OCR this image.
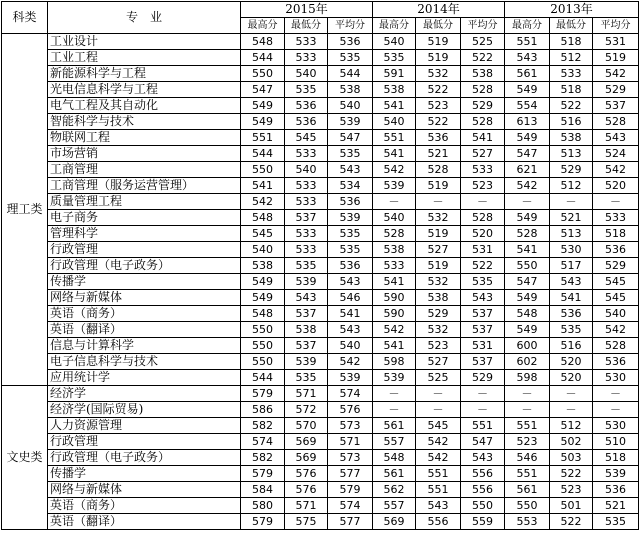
科类	专　业	2015年			2014年			2013年		
		最高分	最低分	平均分	最高分	最低分	平均分	最高分	最低分	平均分
理工类	工业设计	548	533	536	540	519	525	551	518	531
	工业工程	544	533	535	535	519	522	543	512	519
	新能源科学与工程	550	540	544	591	532	538	561	533	542
	光电信息科学与工程	547	535	538	538	522	528	549	518	529
	电气工程及其自动化	549	536	540	541	523	529	554	522	537
	智能科学与技术	549	536	539	540	522	528	613	516	528
	物联网工程	551	545	547	551	536	541	549	538	543
	市场营销	544	533	535	541	521	527	547	513	524
	工商管理	550	540	543	542	528	533	621	529	542
	工商管理（服务运营管理）	541	533	534	539	519	523	542	512	520
	质量管理工程	542	533	536	－	－	－	－	－	－
	电子商务	548	537	539	540	532	528	549	521	533
	管理科学	545	533	535	528	519	520	528	513	518
	行政管理	540	533	535	538	527	531	541	530	536
	行政管理（电子政务）	538	535	536	533	519	522	550	517	529
	传播学	549	539	543	541	532	535	547	543	545
	网络与新媒体	549	543	546	590	538	543	549	541	545
	英语（商务）	548	537	541	590	529	537	548	536	540
	英语（翻译）	550	538	543	542	532	537	549	535	542
	信息与计算科学	550	537	540	541	523	531	600	516	528
	电子信息科学与技术	550	539	542	598	527	537	602	520	536
	应用统计学	544	535	539	539	525	529	598	520	530
文史类	经济学	579	571	574	－	－	－	－	－	－
	经济学(国际贸易)	586	572	576	－	－	－	－	－	－
	人力资源管理	582	570	573	561	545	551	551	512	530
	行政管理	574	569	571	557	542	547	523	502	510
	行政管理（电子政务）	582	569	573	548	542	543	546	503	518
	传播学	579	576	577	561	551	556	551	522	539
	网络与新媒体	584	576	579	562	551	556	561	523	536
	英语（商务）	580	571	574	557	543	550	550	501	521
	英语（翻译）	579	575	577	569	556	559	553	522	535
